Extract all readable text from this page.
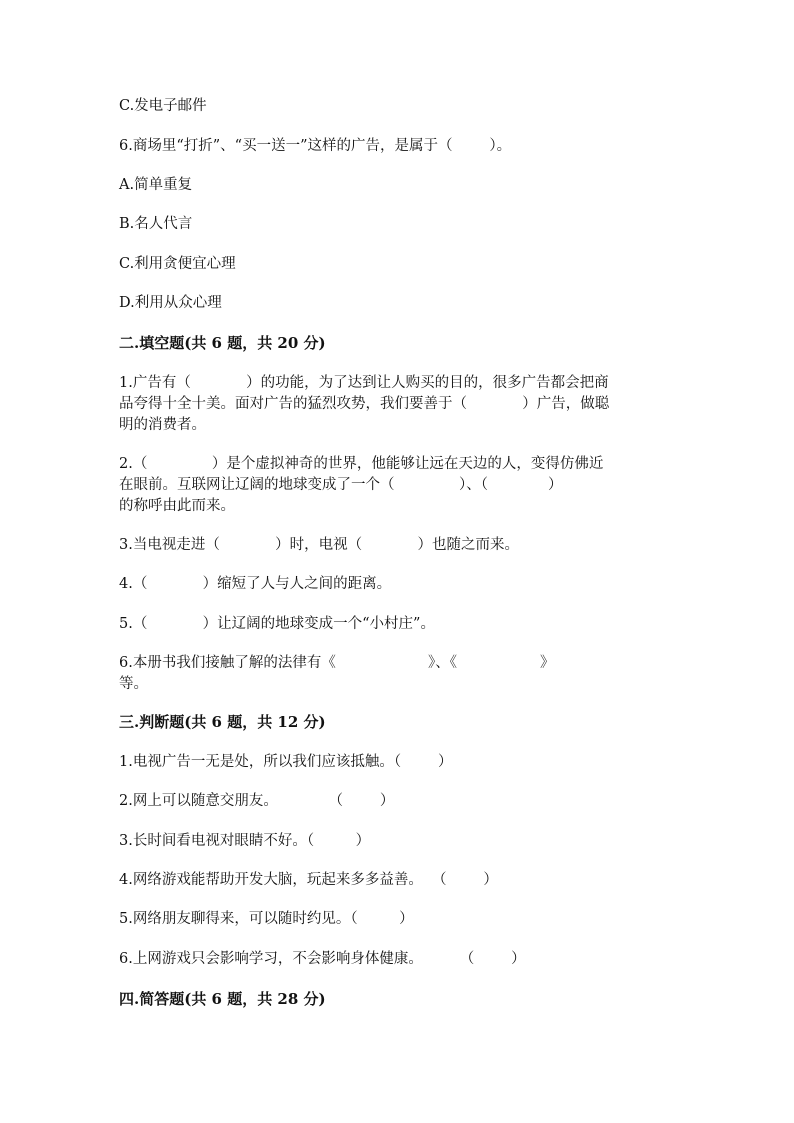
C.发电子邮件
6.商场里“打折”、“买一送一”这样的广告，是属于（        ）。
A.简单重复
B.名人代言
C.利用贪便宜心理
D.利用从众心理
二.填空题(共 6 题，共 20 分)
1.广告有（            ）的功能，为了达到让人购买的目的，很多广告都会把商
品夸得十全十美。面对广告的猛烈攻势，我们要善于（            ）广告，做聪
明的消费者。
2.（              ）是个虚拟神奇的世界，他能够让远在天边的人，变得仿佛近
在眼前。互联网让辽阔的地球变成了一个（              ）、（             ）
的称呼由此而来。
3.当电视走进（            ）时，电视（            ）也随之而来。
4.（            ）缩短了人与人之间的距离。
5.（            ）让辽阔的地球变成一个“小村庄”。
6.本册书我们接触了解的法律有《                    》、《                  》
等。
三.判断题(共 6 题，共 12 分)
1.电视广告一无是处，所以我们应该抵触。（        ）
2.网上可以随意交朋友。           （        ）
3.长时间看电视对眼睛不好。（         ）
4.网络游戏能帮助开发大脑，玩起来多多益善。  （        ）
5.网络朋友聊得来，可以随时约见。（         ）
6.上网游戏只会影响学习，不会影响身体健康。        （        ）
四.简答题(共 6 题，共 28 分)
